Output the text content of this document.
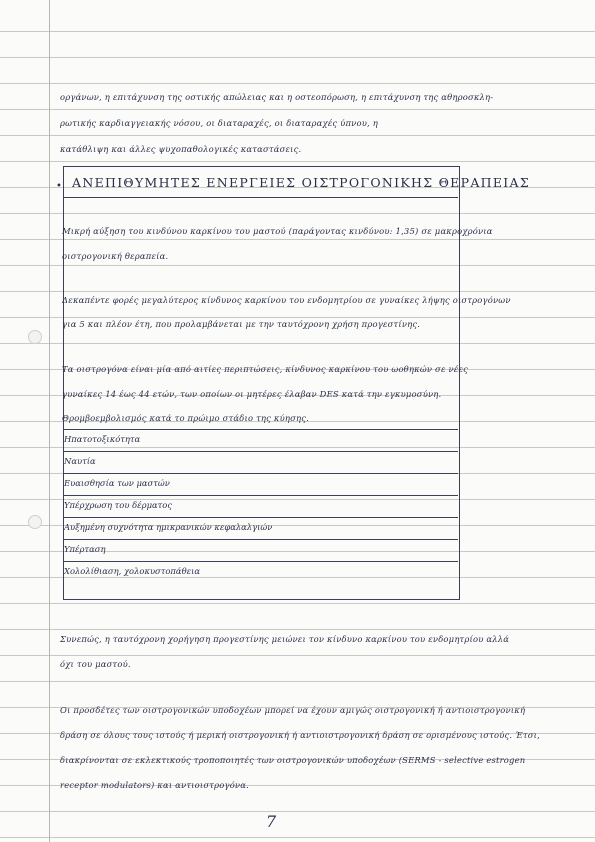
οργάνων, η επιτάχυνση της οστικής απώλειας και η οστεοπόρωση, η επιτάχυνση της αθηροσκλη-
ρωτικής καρδιαγγειακής νόσου, οι διαταραχές, οι διαταραχές ύπνου, η
κατάθλιψη και άλλες ψυχοπαθολογικές καταστάσεις.
• ΑΝΕΠΙΘΥΜΗΤΕΣ ΕΝΕΡΓΕΙΕΣ ΟΙΣΤΡΟΓΟΝΙΚΗΣ ΘΕΡΑΠΕΙΑΣ
Μικρή αύξηση του κινδύνου καρκίνου του μαστού (παράγοντας κινδύνου: 1,35) σε μακροχρόνια
οιστρογονική θεραπεία.
Δεκαπέντε φορές μεγαλύτερος κίνδυνος καρκίνου του ενδομητρίου σε γυναίκες λήψης οιστρογόνων
για 5 και πλέον έτη, που προλαμβάνεται με την ταυτόχρονη χρήση προγεστίνης.
Τα οιστρογόνα είναι μία από αιτίες περιπτώσεις, κίνδυνος καρκίνου του ωοθηκών σε νέες
γυναίκες 14 έως 44 ετών, των οποίων οι μητέρες έλαβαν DES κατά την εγκυμοσύνη.
Θρομβοεμβολισμός κατά το πρώιμο στάδιο της κύησης.
Ηπατοτοξικότητα
Ναυτία
Ευαισθησία των μαστών
Υπέρχρωση του δέρματος
Αυξημένη συχνότητα ημικρανικών κεφαλαλγιών
Υπέρταση
Χολολίθιαση, χολοκυστοπάθεια
Συνεπώς, η ταυτόχρονη χορήγηση προγεστίνης μειώνει τον κίνδυνο καρκίνου του ενδομητρίου αλλά
όχι του μαστού.
Οι προσδέτες των οιστρογονικών υποδοχέων μπορεί να έχουν αμιγώς οιστρογονική ή αντιοιστρογονική
δράση σε όλους τους ιστούς ή μερική οιστρογονική ή αντιοιστρογονική δράση σε ορισμένους ιστούς. Έτσι,
διακρίνονται σε εκλεκτικούς τροποποιητές των οιστρογονικών υποδοχέων (SERMS - selective estrogen
receptor modulators) και αντιοιστρογόνα.
7
